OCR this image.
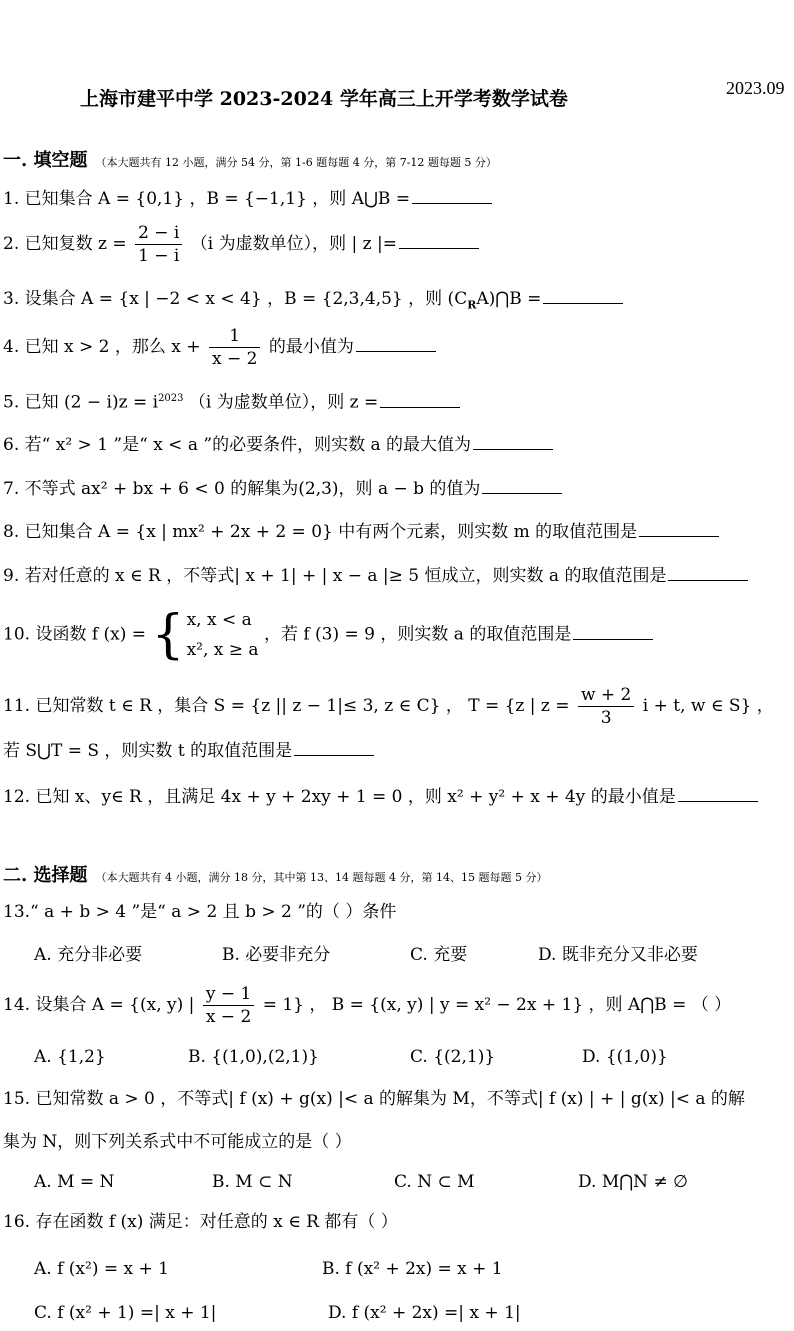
上海市建平中学 2023-2024 学年高三上开学考数学试卷	2023.09
一. 填空题 （本大题共有 12 小题，满分 54 分，第 1-6 题每题 4 分，第 7-12 题每题 5 分）
1. 已知集合 A = {0,1} ，B = {−1,1} ，则 A⋃B =
2. 已知复数 $z = \frac{2 - i}{1 - i} (i$ 为虚数单位），则 | z |=
3. 设集合 A = {x | −2 < x < 4} ，B = {2,3,4,5} ，则 $(C_RA)⋂B$ =
4. 已知 x > 2 ，那么 $x + \frac{1}{x - 2}$ 的最小值为
5. 已知 $(2 - i)z = i^{2023}$ （i 为虚数单位），则 z =
6. 若“ x² > 1 ”是“ x < a ”的必要条件，则实数 a 的最大值为
7. 不等式 ax² + bx + 6 < 0 的解集为(2,3)，则 a − b 的值为
8. 已知集合 A = {x | mx² + 2x + 2 = 0} 中有两个元素，则实数 m 的取值范围是
9. 若对任意的 x ∈ R ，不等式| x + 1| + | x − a |≥ 5 恒成立，则实数 a 的取值范围是
10. 设函数 f (x) = { x, x < a
x², x ≥ a
，若 f (3) = 9 ，则实数 a 的取值范围是
11. 已知常数 t ∈ R ，集合 S = {z || z − 1|≤ 3, z ∈ C} ， T = {z | $z = \frac{w + 2}{3}$ i + t, w ∈ S} ，
若 S⋃T = S ，则实数 t 的取值范围是
12. 已知 x、y∈ R ，且满足 4x + y + 2xy + 1 = 0 ，则 x² + y² + x + 4y 的最小值是
二. 选择题 （本大题共有 4 小题，满分 18 分，其中第 13、14 题每题 4 分，第 14、15 题每题 5 分）
13.“ a + b > 4 ”是“ a > 2 且 b > 2 ”的（ ）条件
A. 充分非必要	B. 必要非充分	C. 充要	D. 既非充分又非必要
14. 设集合 A = {(x, y) | $\frac{y - 1}{x - 2} = 1$} ， B = {(x, y) | y = x² − 2x + 1} ，则 A⋂B = （ ）
A. {1,2}	B. {(1,0),(2,1)}	C. {(2,1)}	D. {(1,0)}
15. 已知常数 a > 0 ，不等式| f (x) + g(x) |< a 的解集为 M，不等式| f (x) | + | g(x) |< a 的解
集为 N，则下列关系式中不可能成立的是（ ）
A. M = N	B. M ⊂ N	C. N ⊂ M	D. M⋂N ≠ ∅
16. 存在函数 f (x) 满足：对任意的 x ∈ R 都有（ ）
A. f (x²) = x + 1	B. f (x² + 2x) = x + 1
C. f (x² + 1) =| x + 1|	D. f (x² + 2x) =| x + 1|
